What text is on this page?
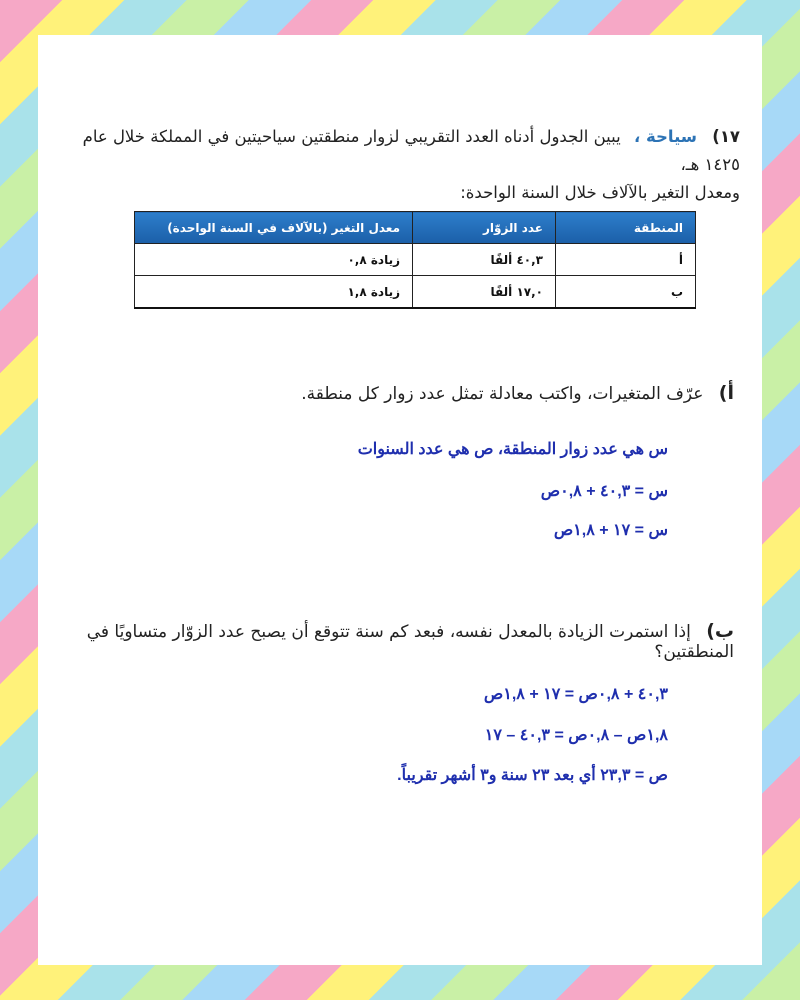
١٧) سياحة ، يبين الجدول أدناه العدد التقريبي لزوار منطقتين سياحيتين في المملكة خلال عام ١٤٢٥ هـ،
ومعدل التغير بالآلاف خلال السنة الواحدة:
المنطقة	عدد الزوّار	معدل التغير (بالآلاف في السنة الواحدة)
أ	٤٠,٣ ألفًا	زيادة ٠,٨
ب	١٧,٠ ألفًا	زيادة ١,٨
أ) عرّف المتغيرات، واكتب معادلة تمثل عدد زوار كل منطقة.
س هي عدد زوار المنطقة، ص هي عدد السنوات
س = ٤٠,٣ + ٠,٨ص
س = ١٧ + ١,٨ص
ب) إذا استمرت الزيادة بالمعدل نفسه، فبعد كم سنة تتوقع أن يصبح عدد الزوّار متساويًا في المنطقتين؟
٤٠,٣ + ٠,٨ص = ١٧ + ١,٨ص
١,٨ص – ٠,٨ص = ٤٠,٣ – ١٧
ص = ٢٣,٣ أي بعد ٢٣ سنة و٣ أشهر تقريباً.
